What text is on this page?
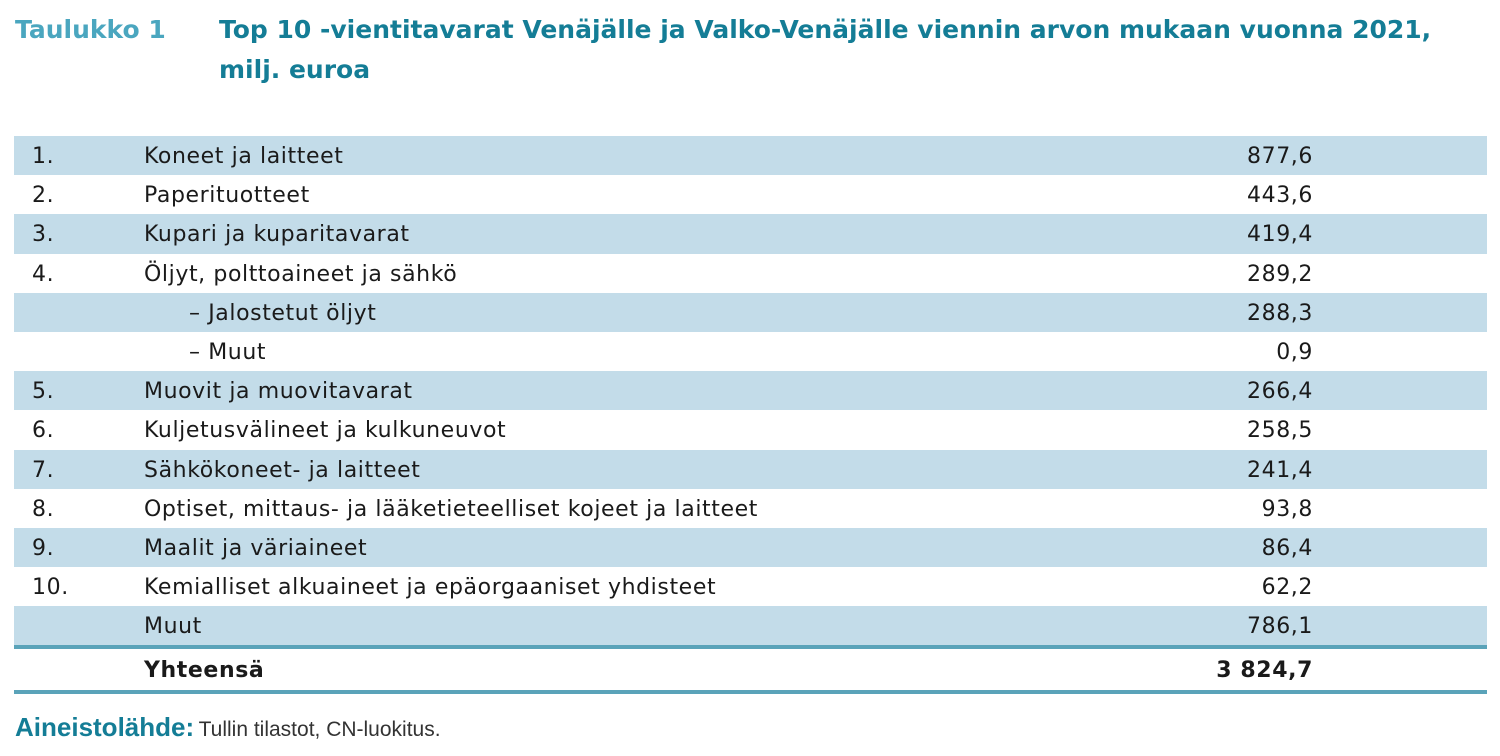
Taulukko 1 Top 10 -vientitavarat Venäjälle ja Valko-Venäjälle viennin arvon mukaan vuonna 2021, milj. euroa
1.	Koneet ja laitteet	877,6
2.	Paperituotteet	443,6
3.	Kupari ja kuparitavarat	419,4
4.	Öljyt, polttoaineet ja sähkö	289,2
– Jalostetut öljyt	288,3
– Muut	0,9
5.	Muovit ja muovitavarat	266,4
6.	Kuljetusvälineet ja kulkuneuvot	258,5
7.	Sähkökoneet- ja laitteet	241,4
8.	Optiset, mittaus- ja lääketieteelliset kojeet ja laitteet	93,8
9.	Maalit ja väriaineet	86,4
10.	Kemialliset alkuaineet ja epäorgaaniset yhdisteet	62,2
Muut	786,1
Yhteensä	3 824,7
Aineistolähde: Tullin tilastot, CN-luokitus.
